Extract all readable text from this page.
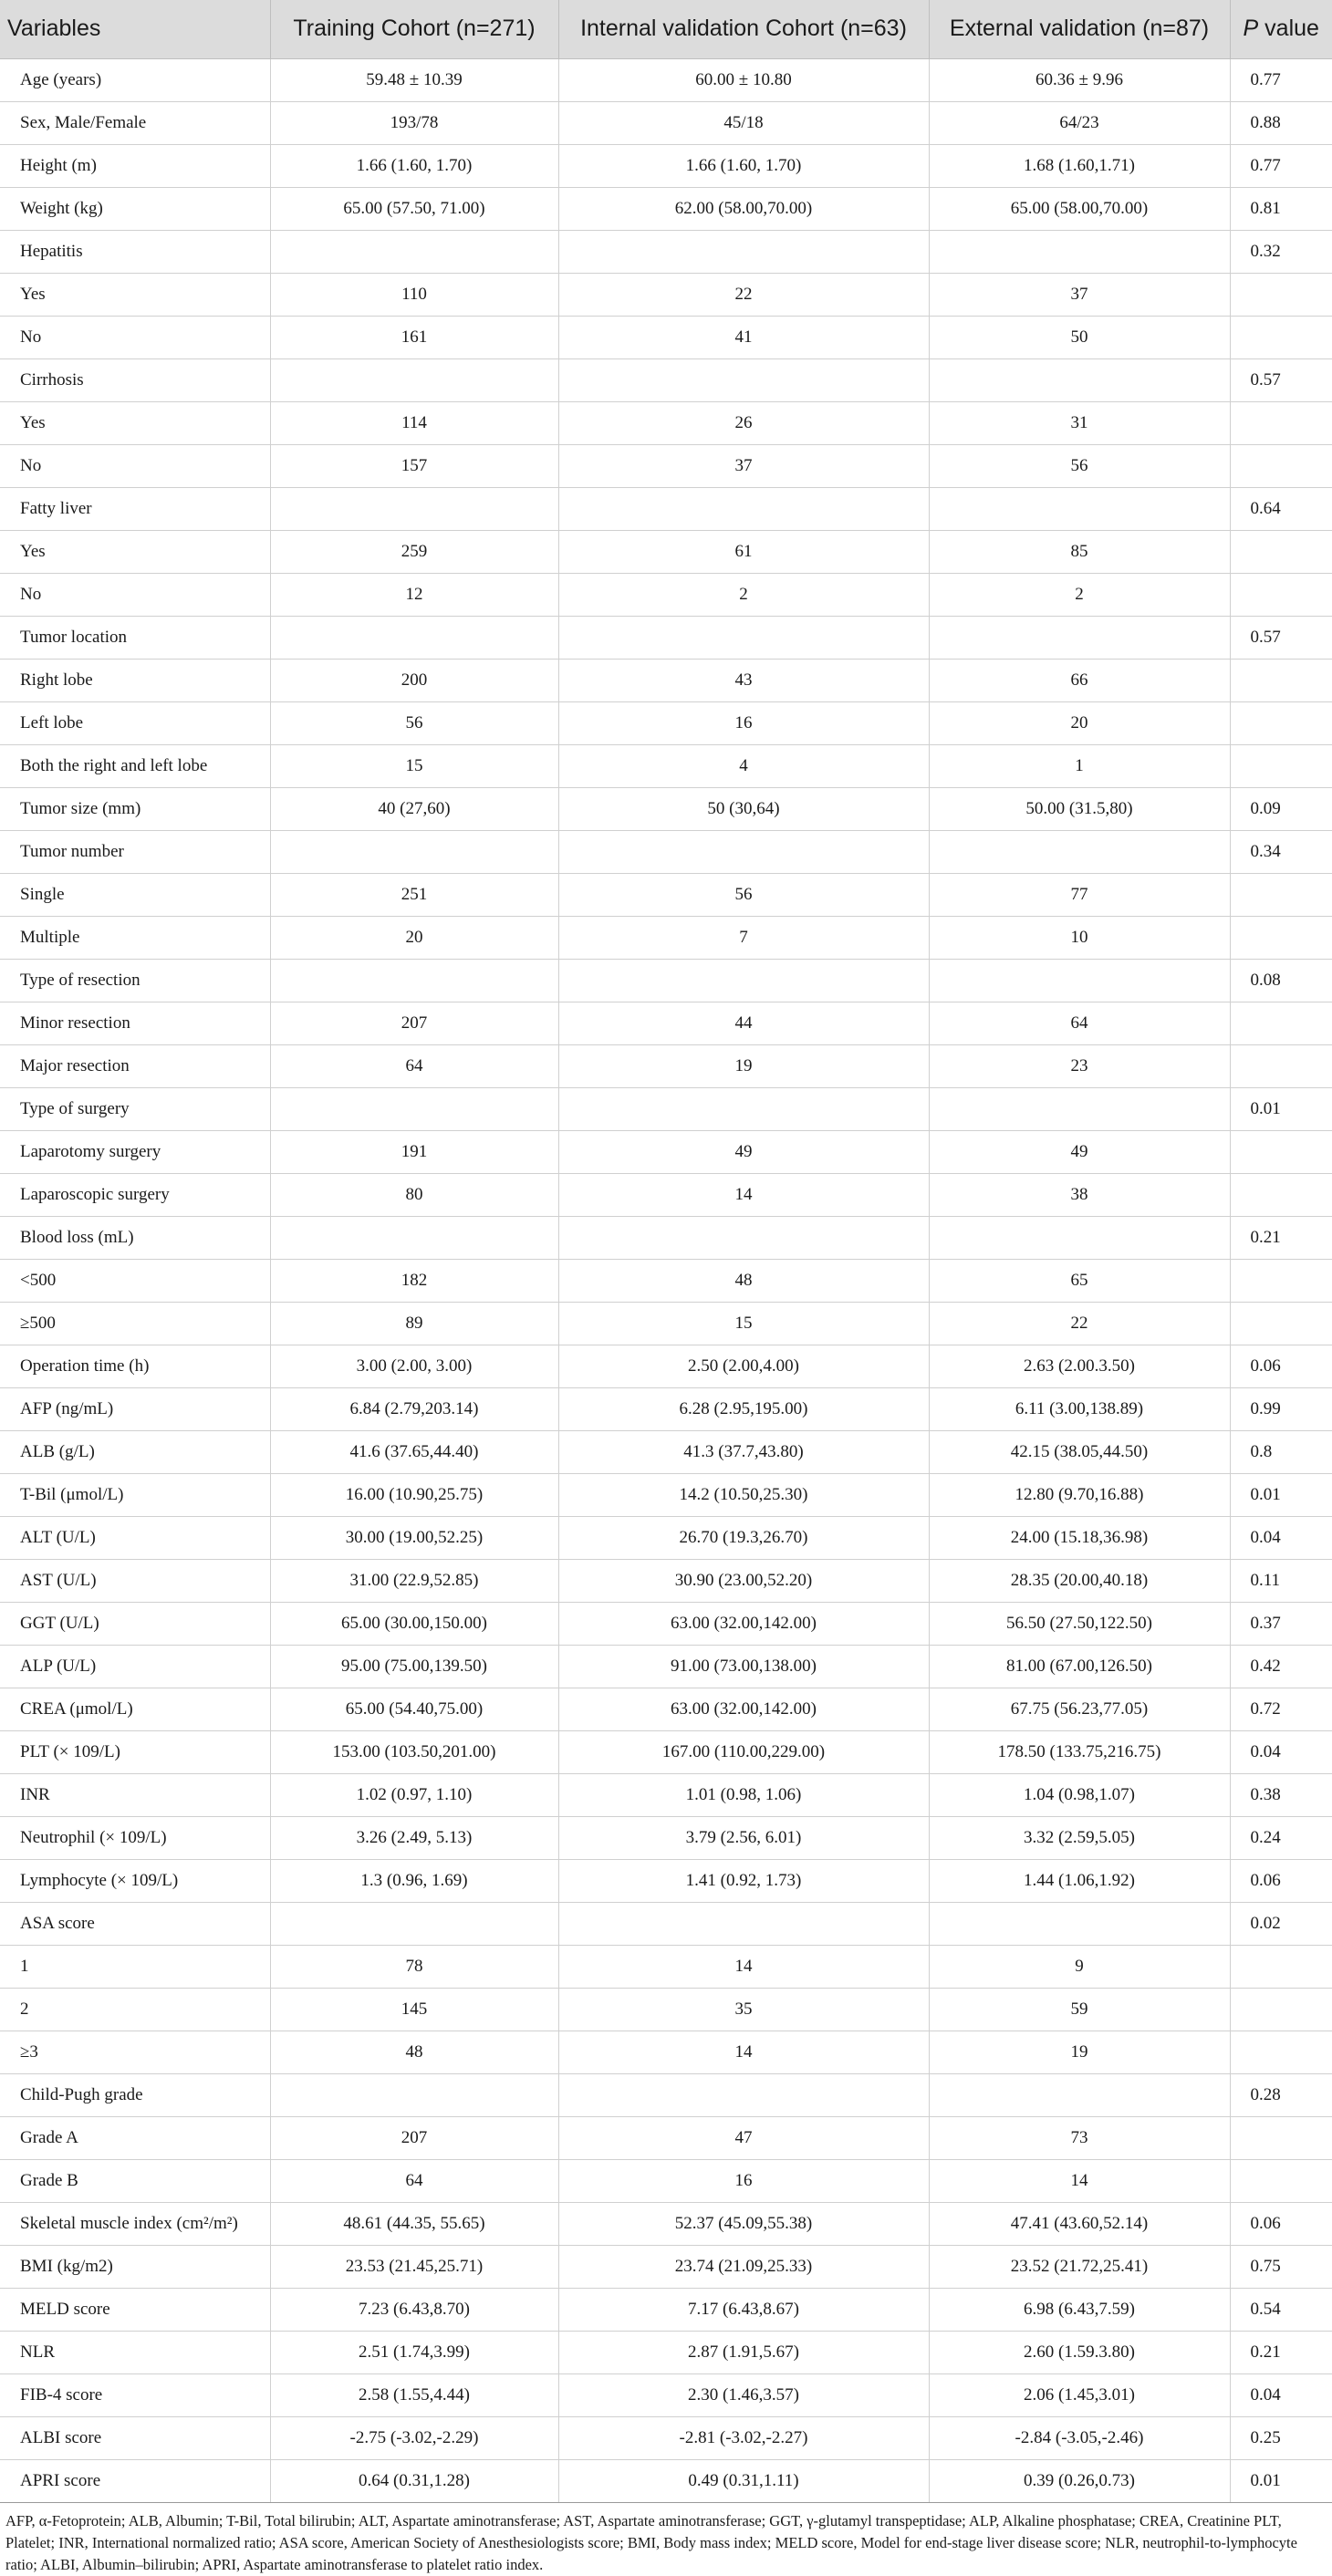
Variables	Training Cohort (n=271)	Internal validation Cohort (n=63)	External validation (n=87)	P value
Age (years)	59.48 ± 10.39	60.00 ± 10.80	60.36 ± 9.96	0.77
Sex, Male/Female	193/78	45/18	64/23	0.88
Height (m)	1.66 (1.60, 1.70)	1.66 (1.60, 1.70)	1.68 (1.60,1.71)	0.77
Weight (kg)	65.00 (57.50, 71.00)	62.00 (58.00,70.00)	65.00 (58.00,70.00)	0.81
Hepatitis				0.32
Yes	110	22	37	
No	161	41	50	
Cirrhosis				0.57
Yes	114	26	31	
No	157	37	56	
Fatty liver				0.64
Yes	259	61	85	
No	12	2	2	
Tumor location				0.57
Right lobe	200	43	66	
Left lobe	56	16	20	
Both the right and left lobe	15	4	1	
Tumor size (mm)	40 (27,60)	50 (30,64)	50.00 (31.5,80)	0.09
Tumor number				0.34
Single	251	56	77	
Multiple	20	7	10	
Type of resection				0.08
Minor resection	207	44	64	
Major resection	64	19	23	
Type of surgery				0.01
Laparotomy surgery	191	49	49	
Laparoscopic surgery	80	14	38	
Blood loss (mL)				0.21
<500	182	48	65	
≥500	89	15	22	
Operation time (h)	3.00 (2.00, 3.00)	2.50 (2.00,4.00)	2.63 (2.00.3.50)	0.06
AFP (ng/mL)	6.84 (2.79,203.14)	6.28 (2.95,195.00)	6.11 (3.00,138.89)	0.99
ALB (g/L)	41.6 (37.65,44.40)	41.3 (37.7,43.80)	42.15 (38.05,44.50)	0.8
T-Bil (μmol/L)	16.00 (10.90,25.75)	14.2 (10.50,25.30)	12.80 (9.70,16.88)	0.01
ALT (U/L)	30.00 (19.00,52.25)	26.70 (19.3,26.70)	24.00 (15.18,36.98)	0.04
AST (U/L)	31.00 (22.9,52.85)	30.90 (23.00,52.20)	28.35 (20.00,40.18)	0.11
GGT (U/L)	65.00 (30.00,150.00)	63.00 (32.00,142.00)	56.50 (27.50,122.50)	0.37
ALP (U/L)	95.00 (75.00,139.50)	91.00 (73.00,138.00)	81.00 (67.00,126.50)	0.42
CREA (μmol/L)	65.00 (54.40,75.00)	63.00 (32.00,142.00)	67.75 (56.23,77.05)	0.72
PLT (× 109/L)	153.00 (103.50,201.00)	167.00 (110.00,229.00)	178.50 (133.75,216.75)	0.04
INR	1.02 (0.97, 1.10)	1.01 (0.98, 1.06)	1.04 (0.98,1.07)	0.38
Neutrophil (× 109/L)	3.26 (2.49, 5.13)	3.79 (2.56, 6.01)	3.32 (2.59,5.05)	0.24
Lymphocyte (× 109/L)	1.3 (0.96, 1.69)	1.41 (0.92, 1.73)	1.44 (1.06,1.92)	0.06
ASA score				0.02
1	78	14	9	
2	145	35	59	
≥3	48	14	19	
Child-Pugh grade				0.28
Grade A	207	47	73	
Grade B	64	16	14	
Skeletal muscle index (cm²/m²)	48.61 (44.35, 55.65)	52.37 (45.09,55.38)	47.41 (43.60,52.14)	0.06
BMI (kg/m2)	23.53 (21.45,25.71)	23.74 (21.09,25.33)	23.52 (21.72,25.41)	0.75
MELD score	7.23 (6.43,8.70)	7.17 (6.43,8.67)	6.98 (6.43,7.59)	0.54
NLR	2.51 (1.74,3.99)	2.87 (1.91,5.67)	2.60 (1.59.3.80)	0.21
FIB-4 score	2.58 (1.55,4.44)	2.30 (1.46,3.57)	2.06 (1.45,3.01)	0.04
ALBI score	-2.75 (-3.02,-2.29)	-2.81 (-3.02,-2.27)	-2.84 (-3.05,-2.46)	0.25
APRI score	0.64 (0.31,1.28)	0.49 (0.31,1.11)	0.39 (0.26,0.73)	0.01
AFP, α-Fetoprotein; ALB, Albumin; T-Bil, Total bilirubin; ALT, Aspartate aminotransferase; AST, Aspartate aminotransferase; GGT, γ-glutamyl transpeptidase; ALP, Alkaline phosphatase; CREA, Creatinine PLT, Platelet; INR, International normalized ratio; ASA score, American Society of Anesthesiologists score; BMI, Body mass index; MELD score, Model for end-stage liver disease score; NLR, neutrophil-to-lymphocyte ratio; ALBI, Albumin–bilirubin; APRI, Aspartate aminotransferase to platelet ratio index.
